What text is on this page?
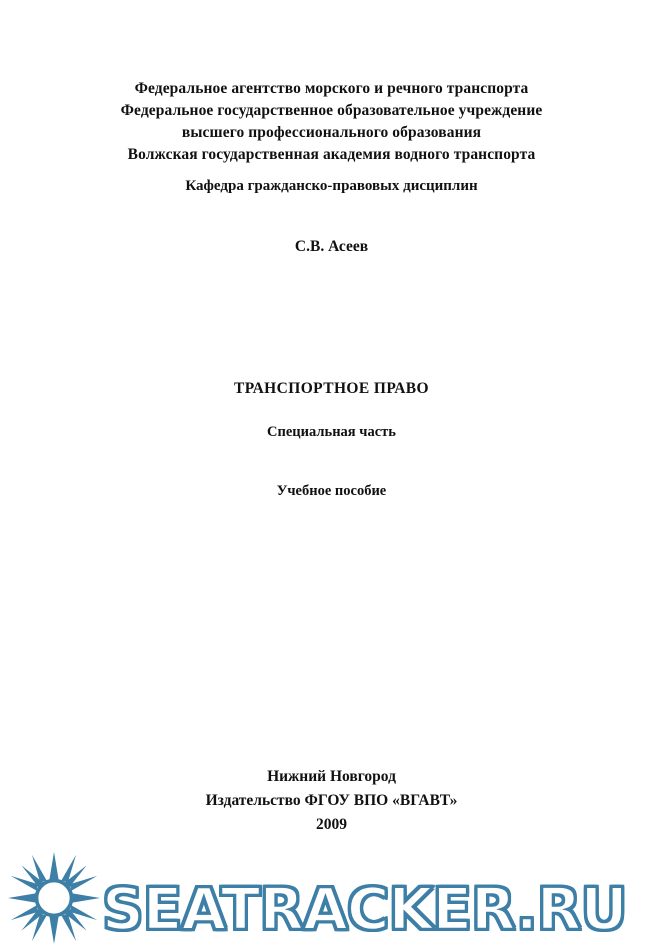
Федеральное агентство морского и речного транспорта
Федеральное государственное образовательное учреждение
высшего профессионального образования
Волжская государственная академия водного транспорта
Кафедра гражданско-правовых дисциплин
С.В. Асеев
ТРАНСПОРТНОЕ ПРАВО
Специальная часть
Учебное пособие
Нижний Новгород
Издательство ФГОУ ВПО «ВГАВТ»
2009
SEATRACKER.RU
